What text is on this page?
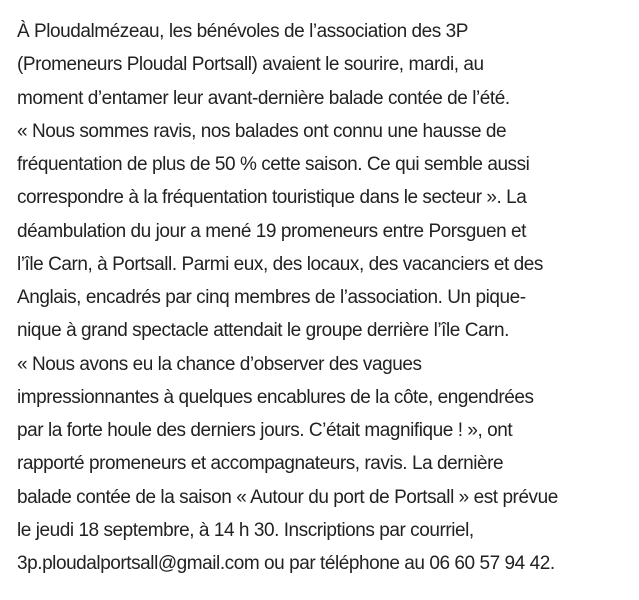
À Ploudalmézeau, les bénévoles de l’association des 3P
(Promeneurs Ploudal Portsall) avaient le sourire, mardi, au
moment d’entamer leur avant-dernière balade contée de l’été.
« Nous sommes ravis, nos balades ont connu une hausse de
fréquentation de plus de 50 % cette saison. Ce qui semble aussi
correspondre à la fréquentation touristique dans le secteur ». La
déambulation du jour a mené 19 promeneurs entre Porsguen et
l’île Carn, à Portsall. Parmi eux, des locaux, des vacanciers et des
Anglais, encadrés par cinq membres de l’association. Un pique-
nique à grand spectacle attendait le groupe derrière l’île Carn.
« Nous avons eu la chance d’observer des vagues
impressionnantes à quelques encablures de la côte, engendrées
par la forte houle des derniers jours. C’était magnifique ! », ont
rapporté promeneurs et accompagnateurs, ravis. La dernière
balade contée de la saison « Autour du port de Portsall » est prévue
le jeudi 18 septembre, à 14 h 30. Inscriptions par courriel,
3p.ploudalportsall@gmail.com ou par téléphone au 06 60 57 94 42.
